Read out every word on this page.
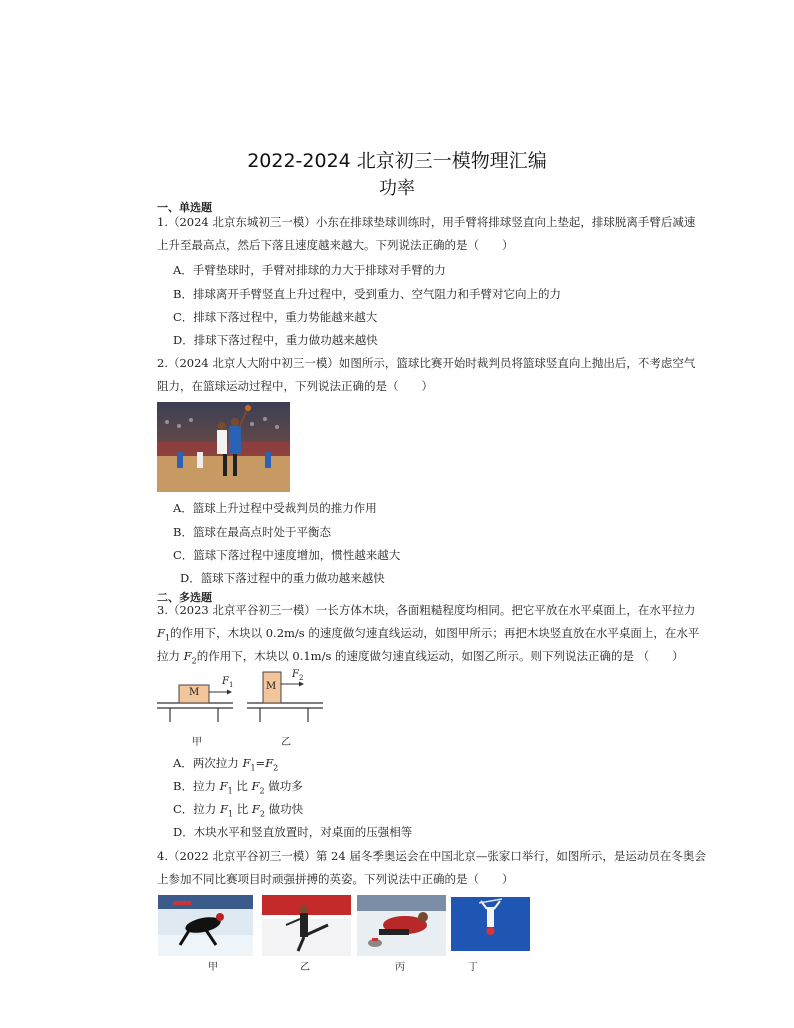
2022-2024 北京初三一模物理汇编
功率
一、单选题
1.（2024 北京东城初三一模）小东在排球垫球训练时，用手臂将排球竖直向上垫起，排球脱离手臂后减速
上升至最高点，然后下落且速度越来越大。下列说法正确的是（　　）
A．手臂垫球时，手臂对排球的力大于排球对手臂的力
B．排球离开手臂竖直上升过程中，受到重力、空气阻力和手臂对它向上的力
C．排球下落过程中，重力势能越来越大
D．排球下落过程中，重力做功越来越快
2.（2024 北京人大附中初三一模）如图所示，篮球比赛开始时裁判员将篮球竖直向上抛出后，不考虑空气
阻力，在篮球运动过程中，下列说法正确的是（　　）
A．篮球上升过程中受裁判员的推力作用
B．篮球在最高点时处于平衡态
C．篮球下落过程中速度增加，惯性越来越大
D．篮球下落过程中的重力做功越来越快
二、多选题
3.（2023 北京平谷初三一模）一长方体木块，各面粗糙程度均相同。把它平放在水平桌面上，在水平拉力
$F_1$的作用下，木块以 0.2m/s 的速度做匀速直线运动，如图甲所示；再把木块竖直放在水平桌面上，在水平
拉力 $F_2$的作用下，木块以 0.1m/s 的速度做匀速直线运动，如图乙所示。则下列说法正确的是 （　　）
M
M
$F_1$
$F_2$
甲	乙
A．两次拉力 $F_1=F_2$
B．拉力 $F_1$ 比 $F_2$ 做功多
C．拉力 $F_1$ 比 $F_2$ 做功快
D．木块水平和竖直放置时，对桌面的压强相等
4.（2022 北京平谷初三一模）第 24 届冬季奥运会在中国北京—张家口举行，如图所示，是运动员在冬奥会
上参加不同比赛项目时顽强拼搏的英姿。下列说法中正确的是（　　）
甲	乙	丙	丁
